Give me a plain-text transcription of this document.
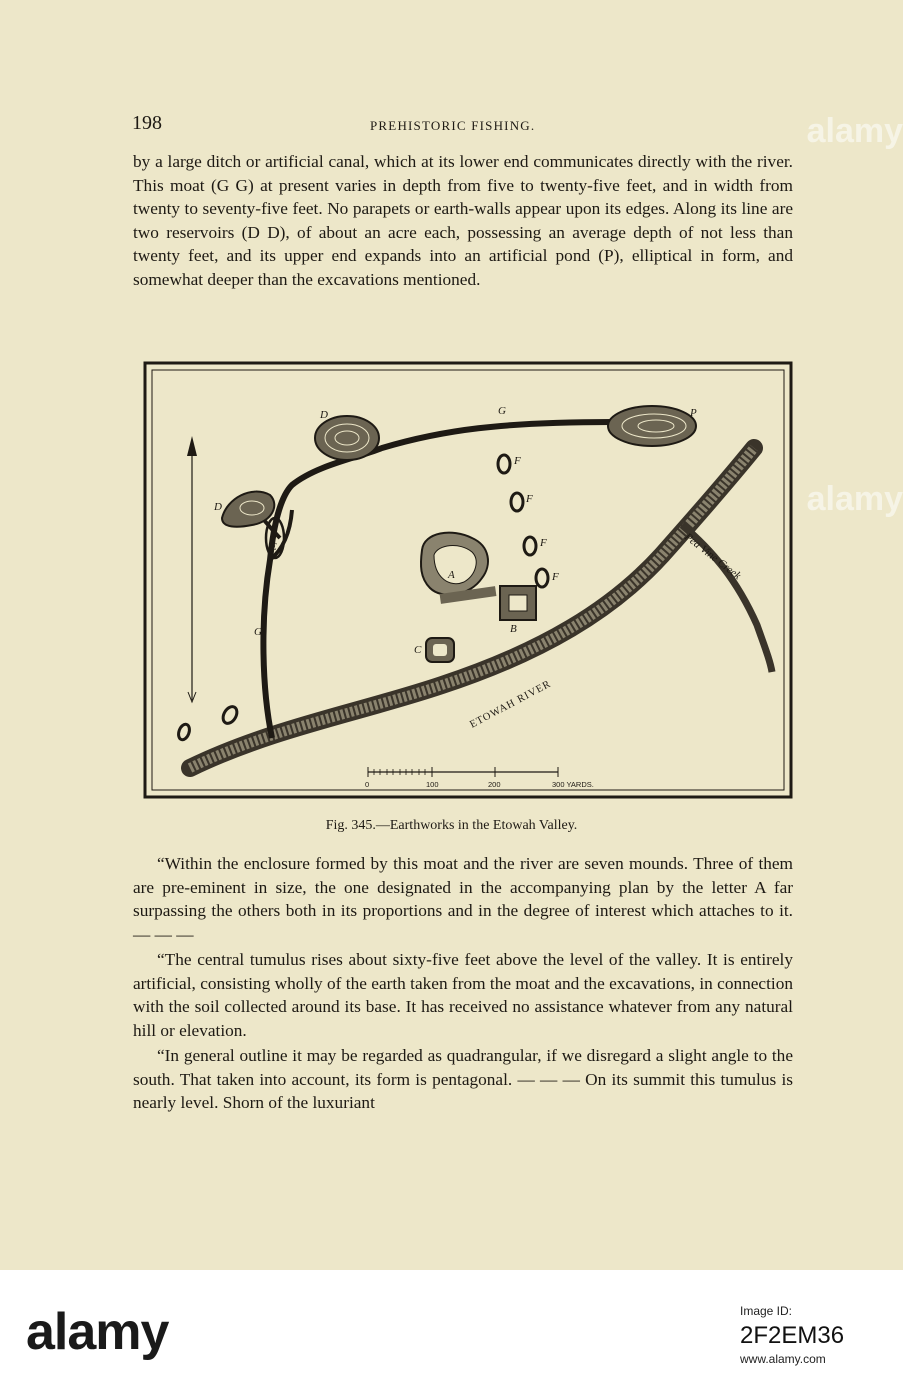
198	PREHISTORIC FISHING.

by a large ditch or artificial canal, which at its lower end communicates directly with the river. This moat (G G) at present varies in depth from five to twenty-five feet, and in width from twenty to seventy-five feet. No parapets or earth-walls appear upon its edges. Along its line are two reservoirs (D D), of about an acre each, possessing an average depth of not less than twenty feet, and its upper end expands into an artificial pond (P), elliptical in form, and somewhat deeper than the excavations mentioned.

D	G	P
D
E
G
A
B
C
F
F
F
F
ETOWAH RIVER
Pea Vine Creek
0	100	200	300 YARDS.
Fig. 345.—Earthworks in the Etowah Valley.

“Within the enclosure formed by this moat and the river are seven mounds. Three of them are pre-eminent in size, the one designated in the accompanying plan by the letter A far surpassing the others both in its proportions and in the degree of interest which attaches to it. — — —

“The central tumulus rises about sixty-five feet above the level of the valley. It is entirely artificial, consisting wholly of the earth taken from the moat and the excavations, in connection with the soil collected around its base. It has received no assistance whatever from any natural hill or elevation.

“In general outline it may be regarded as quadrangular, if we disregard a slight angle to the south. That taken into account, its form is pentagonal. — — — On its summit this tumulus is nearly level. Shorn of the luxuriant

alamy
alamy
alamy	Image ID:
2F2EM36
www.alamy.com
